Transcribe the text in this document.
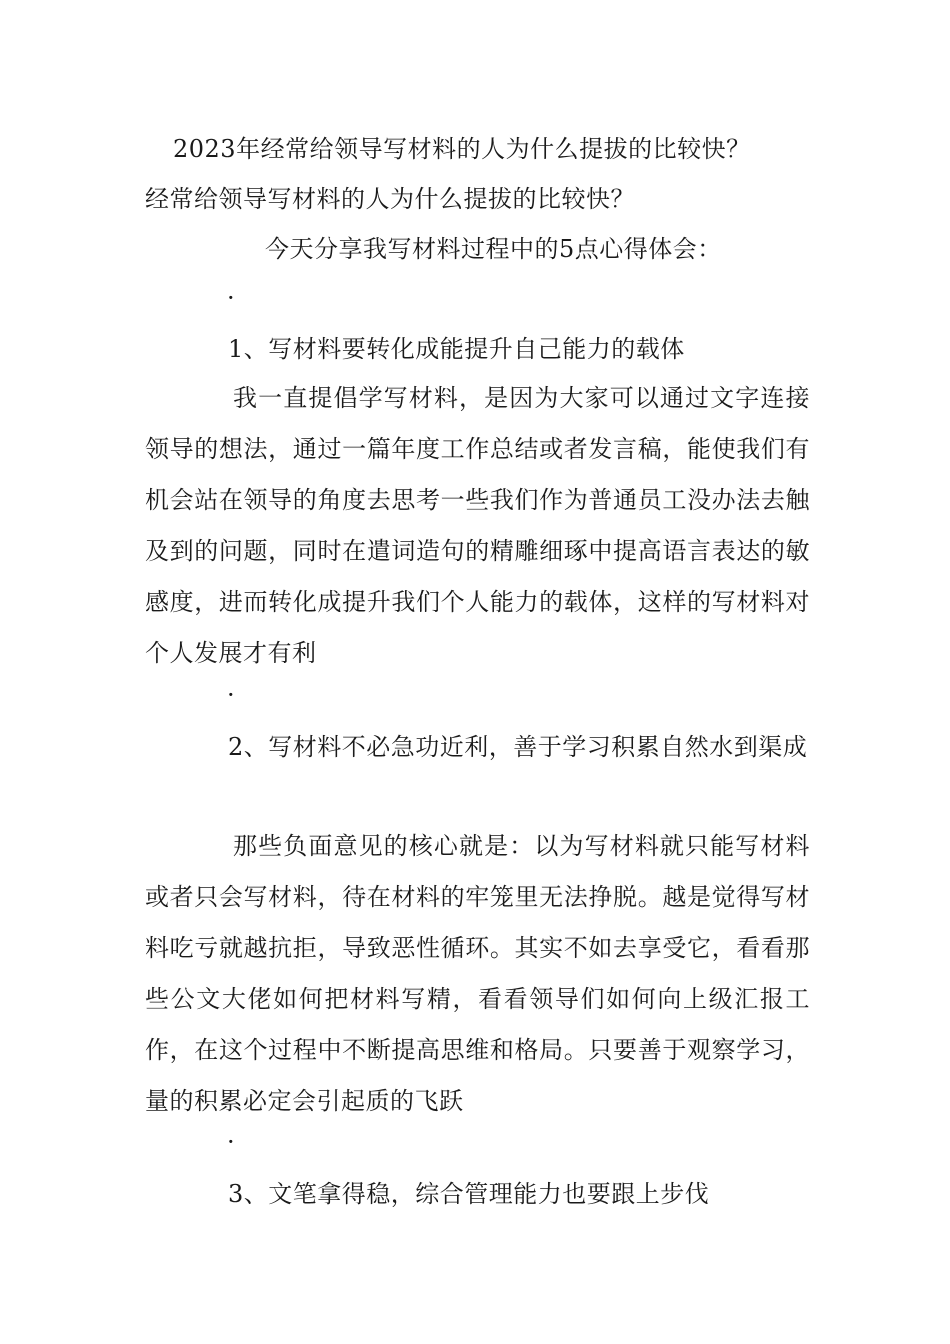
2023年经常给领导写材料的人为什么提拔的比较快？
经常给领导写材料的人为什么提拔的比较快？
今天分享我写材料过程中的5点心得体会：
·
1、写材料要转化成能提升自己能力的载体
我一直提倡学写材料，是因为大家可以通过文字连接领导的想法，通过一篇年度工作总结或者发言稿，能使我们有机会站在领导的角度去思考一些我们作为普通员工没办法去触及到的问题，同时在遣词造句的精雕细琢中提高语言表达的敏感度，进而转化成提升我们个人能力的载体，这样的写材料对个人发展才有利
·
2、写材料不必急功近利，善于学习积累自然水到渠成
那些负面意见的核心就是：以为写材料就只能写材料或者只会写材料，待在材料的牢笼里无法挣脱。越是觉得写材料吃亏就越抗拒，导致恶性循环。其实不如去享受它，看看那些公文大佬如何把材料写精，看看领导们如何向上级汇报工作，在这个过程中不断提高思维和格局。只要善于观察学习，量的积累必定会引起质的飞跃
·
3、文笔拿得稳，综合管理能力也要跟上步伐
